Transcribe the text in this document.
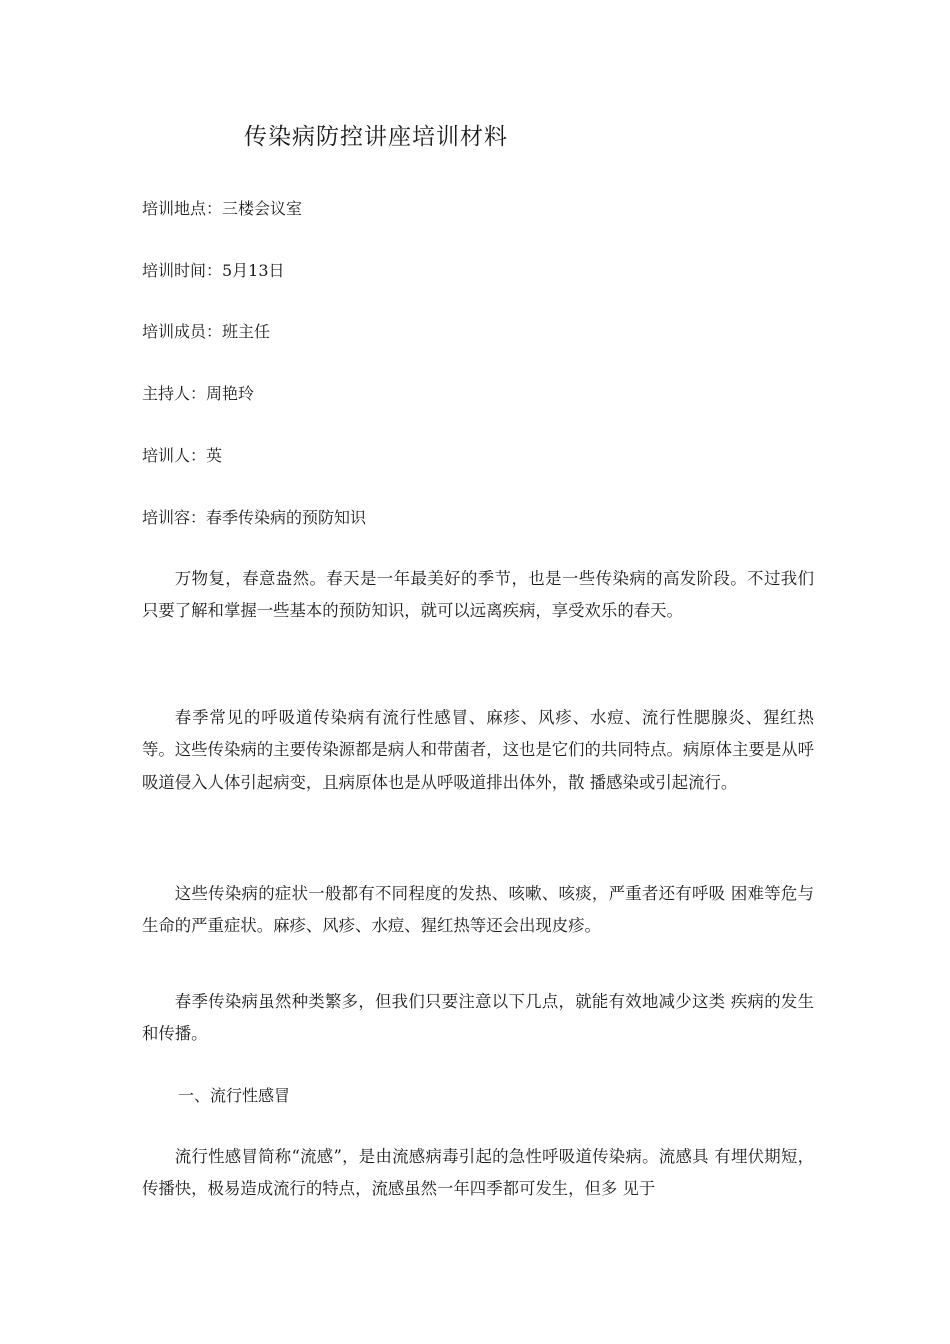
传染病防控讲座培训材料
培训地点：三楼会议室
培训时间：5月13日
培训成员：班主任
主持人：周艳玲
培训人：英
培训容：春季传染病的预防知识

万物复，春意盎然。春天是一年最美好的季节，也是一些传染病的高发阶段。不过我们只要了解和掌握一些基本的预防知识，就可以远离疾病，享受欢乐的春天。

春季常见的呼吸道传染病有流行性感冒、麻疹、风疹、水痘、流行性腮腺炎、猩红热等。这些传染病的主要传染源都是病人和带菌者，这也是它们的共同特点。病原体主要是从呼吸道侵入人体引起病变，且病原体也是从呼吸道排出体外，散 播感染或引起流行。

这些传染病的症状一般都有不同程度的发热、咳嗽、咳痰，严重者还有呼吸 困难等危与生命的严重症状。麻疹、风疹、水痘、猩红热等还会出现皮疹。

春季传染病虽然种类繁多，但我们只要注意以下几点，就能有效地减少这类 疾病的发生和传播。

一、流行性感冒

流行性感冒简称“流感”，是由流感病毒引起的急性呼吸道传染病。流感具 有埋伏期短，传播快，极易造成流行的特点，流感虽然一年四季都可发生，但多 见于
